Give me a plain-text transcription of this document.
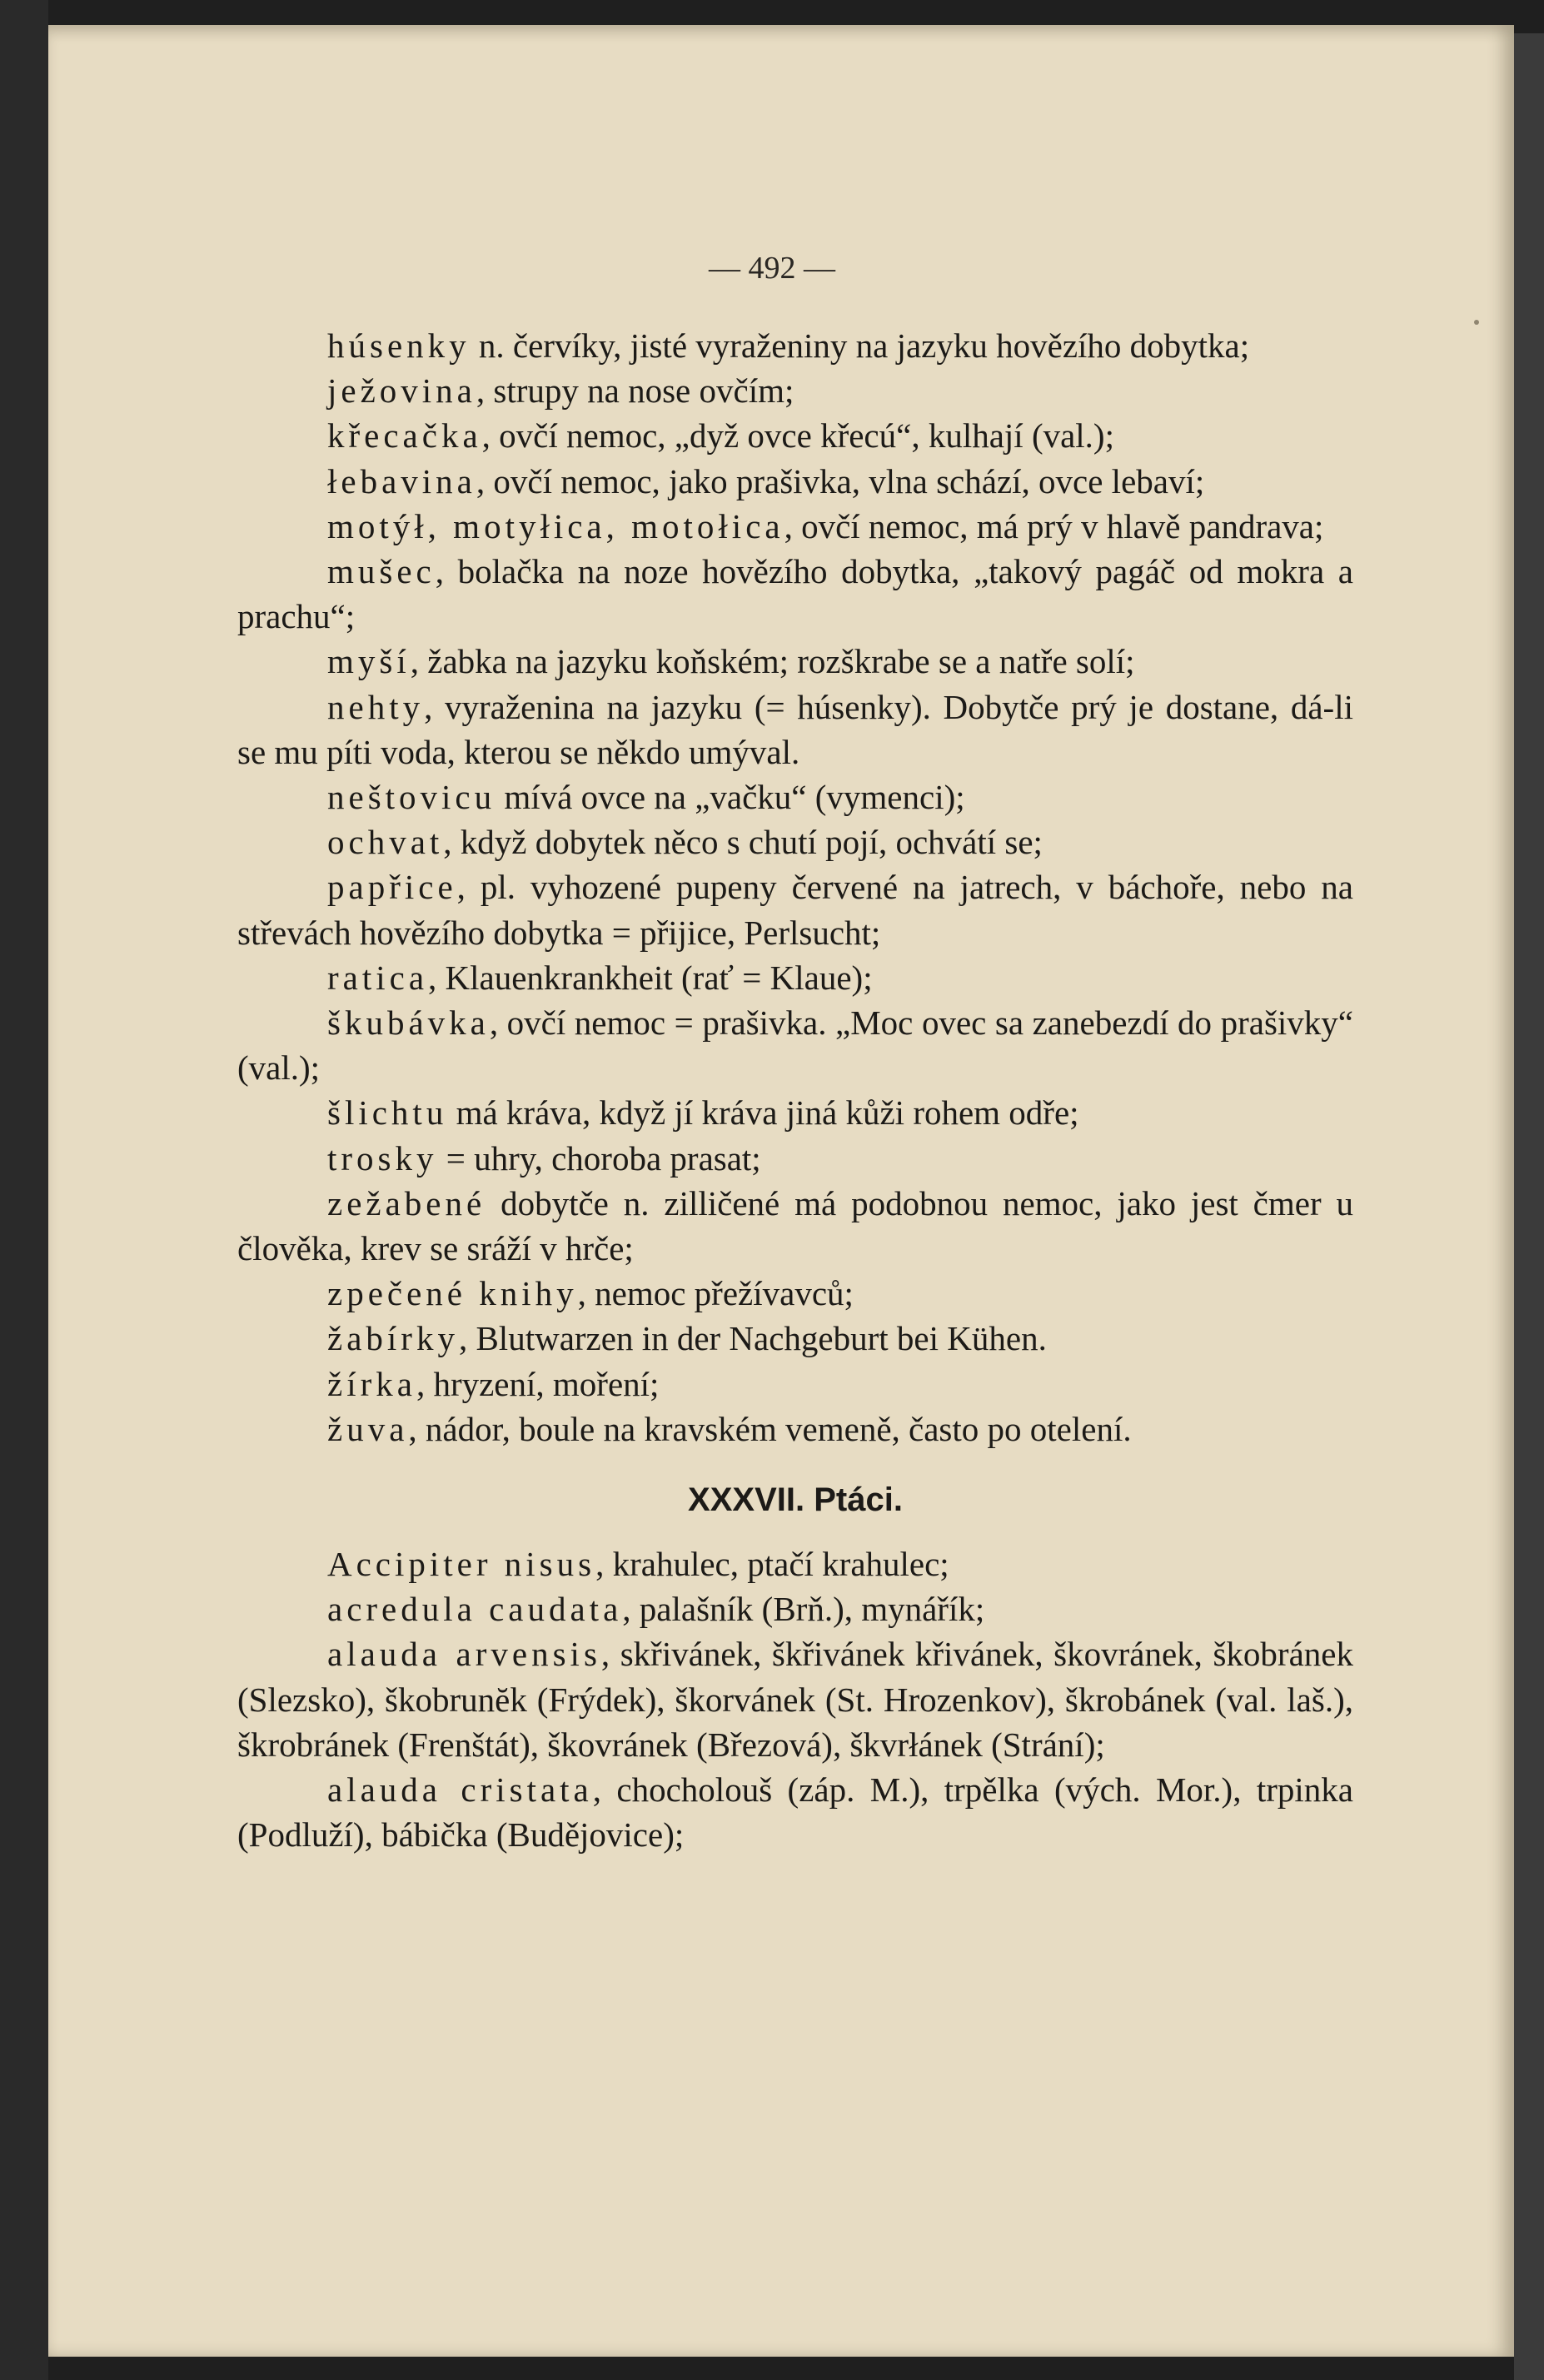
— 492 —

húsenky n. červíky, jisté vyraženiny na jazyku hovězího dobytka;

ježovina, strupy na nose ovčím;

křecačka, ovčí nemoc, „dyž ovce křecú“, kulhají (val.);

łebavina, ovčí nemoc, jako prašivka, vlna schází, ovce lebaví;

motýł, motyłica, motołica, ovčí nemoc, má prý v hlavě pandrava;

mušec, bolačka na noze hovězího dobytka, „takový pagáč od mokra a prachu“;

myší, žabka na jazyku koňském; rozškrabe se a natře solí;

nehty, vyraženina na jazyku (= húsenky). Dobytče prý je dostane, dá-li se mu píti voda, kterou se někdo umýval.

neštovicu mívá ovce na „vačku“ (vymenci);

ochvat, když dobytek něco s chutí pojí, ochvátí se;

papřice, pl. vyhozené pupeny červené na jatrech, v báchoře, nebo na střevách hovězího dobytka = přijice, Perlsucht;

ratica, Klauenkrankheit (rať = Klaue);

škubávka, ovčí nemoc = prašivka. „Moc ovec sa zanebezdí do prašivky“ (val.);

šlichtu má kráva, když jí kráva jiná kůži rohem odře;

trosky = uhry, choroba prasat;

zežabené dobytče n. zilličené má podobnou nemoc, jako jest čmer u člověka, krev se sráží v hrče;

zpečené knihy, nemoc přežívavců;

žabírky, Blutwarzen in der Nachgeburt bei Kühen.

žírka, hryzení, moření;

žuva, nádor, boule na kravském vemeně, často po otelení.

XXXVII. Ptáci.

Accipiter nisus, krahulec, ptačí krahulec;

acredula caudata, palašník (Brň.), mynářík;

alauda arvensis, skřivánek, škřivánek křivánek, škovránek, škobránek (Slezsko), škobrunĕk (Frýdek), škorvánek (St. Hrozenkov), škrobánek (val. laš.), škrobránek (Frenštát), škovránek (Březová), škvrłánek (Strání);

alauda cristata, chocholouš (záp. M.), trpělka (vých. Mor.), trpinka (Podluží), bábička (Budějovice);
